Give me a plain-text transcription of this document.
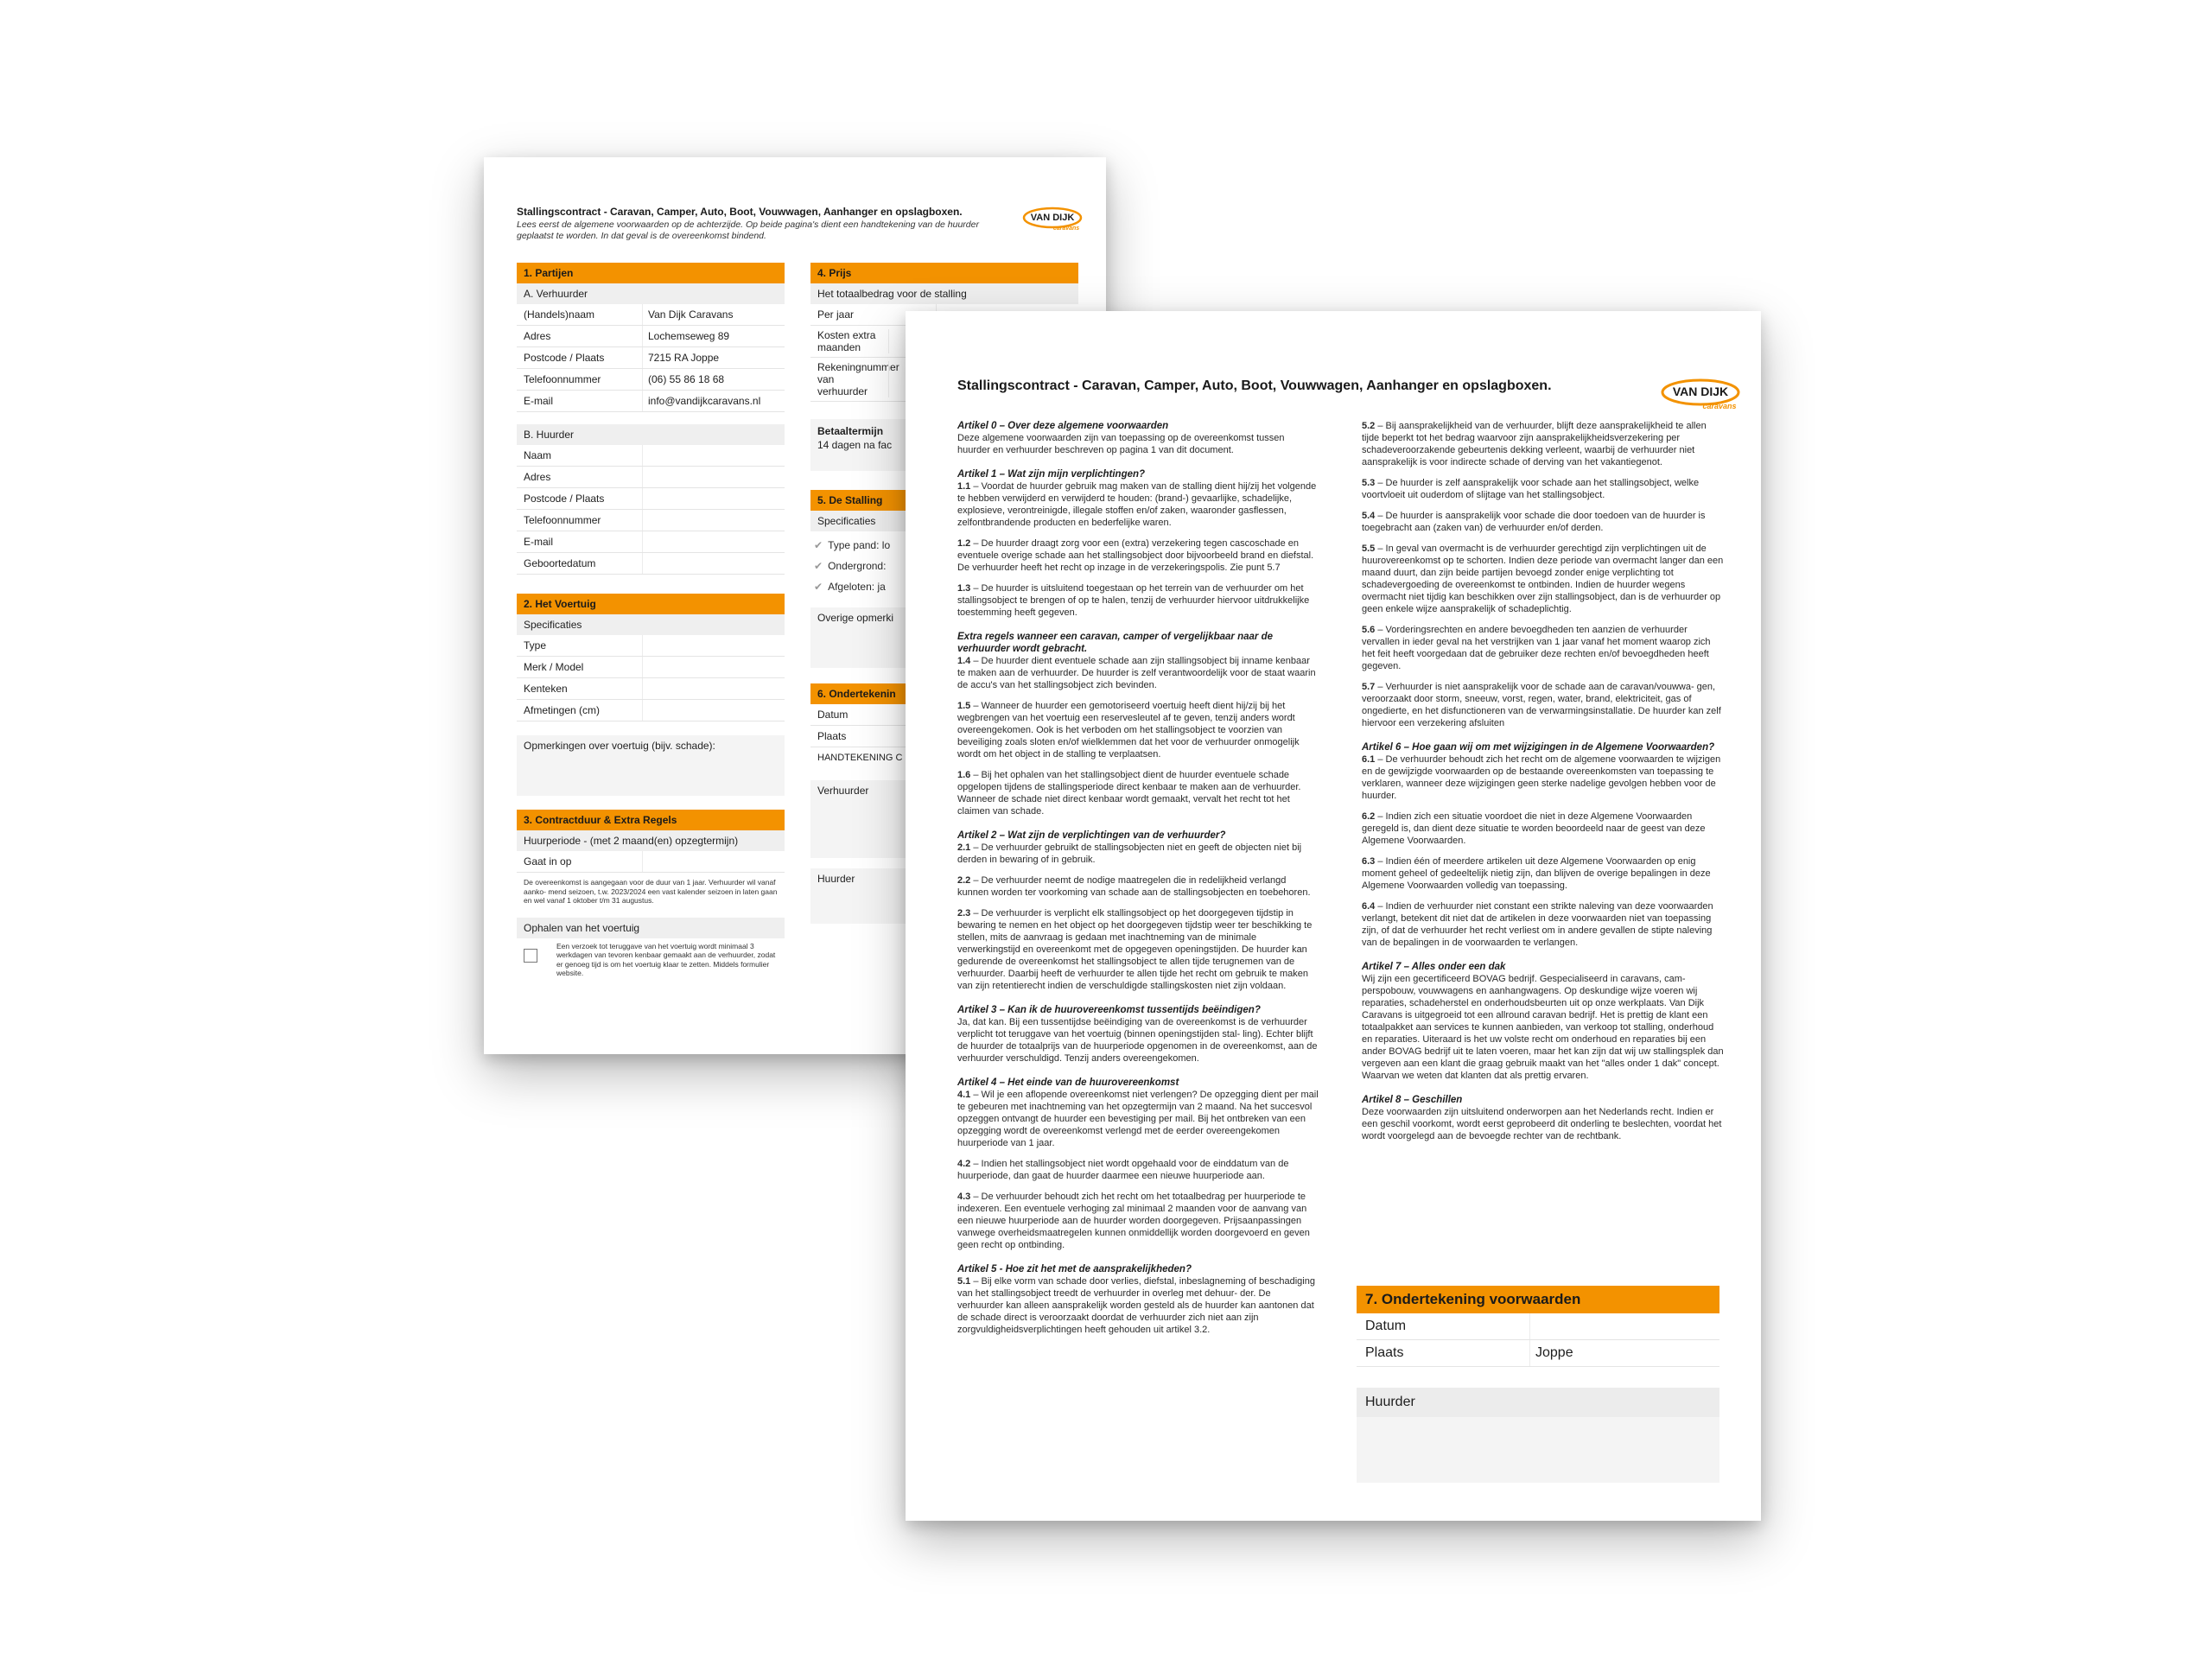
Stallingscontract - Caravan, Camper, Auto, Boot, Vouwwagen, Aanhanger en opslagboxen.
Lees eerst de algemene voorwaarden op de achterzijde. Op beide pagina's dient een handtekening van de huurder geplaatst te worden. In dat geval is de overeenkomst bindend.
VAN DIJK
caravans
1. Partijen
A. Verhuurder
(Handels)naam	Van Dijk Caravans
Adres	Lochemseweg 89
Postcode / Plaats	7215 RA Joppe
Telefoonnummer	(06) 55 86 18 68
E-mail	info@vandijkcaravans.nl
B. Huurder
Naam
Adres
Postcode / Plaats
Telefoonnummer
E-mail
Geboortedatum
2. Het Voertuig
Specificaties
Type
Merk / Model
Kenteken
Afmetingen (cm)
Opmerkingen over voertuig (bijv. schade):
3. Contractduur & Extra Regels
Huurperiode - (met 2 maand(en) opzegtermijn)
Gaat in op
De overeenkomst is aangegaan voor de duur van 1 jaar. Verhuurder wil vanaf aanko- mend seizoen, t.w. 2023/2024 een vast kalender seizoen in laten gaan en wel vanaf 1 oktober t/m 31 augustus.
Ophalen van het voertuig
Een verzoek tot teruggave van het voertuig wordt minimaal 3 werkdagen van tevoren kenbaar gemaakt aan de verhuurder, zodat er genoeg tijd is om het voertuig klaar te zetten. Middels formulier website.
4. Prijs
Het totaalbedrag voor de stalling
Per jaar
Kosten extra maanden
Rekeningnummer van verhuurder
Betaaltermijn
14 dagen na fac
5. De Stalling
Specificaties
✔ Type pand: lo
✔ Ondergrond:
✔ Afgeloten: ja
Overige opmerki
6. Ondertekenin
Datum
Plaats
HANDTEKENING C
Verhuurder
Huurder
Stallingscontract - Caravan, Camper, Auto, Boot, Vouwwagen, Aanhanger en opslagboxen.	VAN DIJK
caravans
Artikel 0 – Over deze algemene voorwaarden

Deze algemene voorwaarden zijn van toepassing op de overeenkomst tussen huurder en verhuurder beschreven op pagina 1 van dit document.

Artikel 1 – Wat zijn mijn verplichtingen?

1.1 – Voordat de huurder gebruik mag maken van de stalling dient hij/zij het volgende te hebben verwijderd en verwijderd te houden: (brand-) gevaarlijke, schadelijke, explosieve, verontreinigde, illegale stoffen en/of zaken, waaronder gasflessen, zelfontbrandende producten en bederfelijke waren.

1.2 – De huurder draagt zorg voor een (extra) verzekering tegen cascoschade en eventuele overige schade aan het stallingsobject door bijvoorbeeld brand en diefstal. De verhuurder heeft het recht op inzage in de verzekeringspolis. Zie punt 5.7

1.3 – De huurder is uitsluitend toegestaan op het terrein van de verhuurder om het stallingsobject te brengen of op te halen, tenzij de verhuurder hiervoor uitdrukkelijke toestemming heeft gegeven.

Extra regels wanneer een caravan, camper of vergelijkbaar naar de verhuurder wordt gebracht.

1.4 – De huurder dient eventuele schade aan zijn stallingsobject bij inname kenbaar te maken aan de verhuurder. De huurder is zelf verantwoordelijk voor de staat waarin de accu's van het stallingsobject zich bevinden.

1.5 – Wanneer de huurder een gemotoriseerd voertuig heeft dient hij/zij bij het wegbrengen van het voertuig een reservesleutel af te geven, tenzij anders wordt overeengekomen. Ook is het verboden om het stallingsobject te voorzien van beveiliging zoals sloten en/of wielklemmen dat het voor de verhuurder onmogelijk wordt om het object in de stalling te verplaatsen.

1.6 – Bij het ophalen van het stallingsobject dient de huurder eventuele schade opgelopen tijdens de stallingsperiode direct kenbaar te maken aan de verhuurder. Wanneer de schade niet direct kenbaar wordt gemaakt, vervalt het recht tot het claimen van schade.

Artikel 2 – Wat zijn de verplichtingen van de verhuurder?

2.1 – De verhuurder gebruikt de stallingsobjecten niet en geeft de objecten niet bij derden in bewaring of in gebruik.

2.2 – De verhuurder neemt de nodige maatregelen die in redelijkheid verlangd kunnen worden ter voorkoming van schade aan de stallingsobjecten en toebehoren.

2.3 – De verhuurder is verplicht elk stallingsobject op het doorgegeven tijdstip in bewaring te nemen en het object op het doorgegeven tijdstip weer ter beschikking te stellen, mits de aanvraag is gedaan met inachtneming van de minimale verwerkingstijd en overeenkomt met de opgegeven openingstijden. De huurder kan gedurende de overeenkomst het stallingsobject te allen tijde terugnemen van de verhuurder. Daarbij heeft de verhuurder te allen tijde het recht om gebruik te maken van zijn retentierecht indien de verschuldigde stallingskosten niet zijn voldaan.

Artikel 3 – Kan ik de huurovereenkomst tussentijds beëindigen?

Ja, dat kan. Bij een tussentijdse beëindiging van de overeenkomst is de verhuurder verplicht tot teruggave van het voertuig (binnen openingstijden stal- ling). Echter blijft de huurder de totaalprijs van de huurperiode opgenomen in de overeenkomst, aan de verhuurder verschuldigd. Tenzij anders overeengekomen.

Artikel 4 – Het einde van de huurovereenkomst

4.1 – Wil je een aflopende overeenkomst niet verlengen? De opzegging dient per mail te gebeuren met inachtneming van het opzegtermijn van 2 maand. Na het succesvol opzeggen ontvangt de huurder een bevestiging per mail. Bij het ontbreken van een opzegging wordt de overeenkomst verlengd met de eerder overeengekomen huurperiode van 1 jaar.

4.2 – Indien het stallingsobject niet wordt opgehaald voor de einddatum van de huurperiode, dan gaat de huurder daarmee een nieuwe huurperiode aan.

4.3 – De verhuurder behoudt zich het recht om het totaalbedrag per huurperiode te indexeren. Een eventuele verhoging zal minimaal 2 maanden voor de aanvang van een nieuwe huurperiode aan de huurder worden doorgegeven. Prijsaanpassingen vanwege overheidsmaatregelen kunnen onmiddellijk worden doorgevoerd en geven geen recht op ontbinding.

Artikel 5 - Hoe zit het met de aansprakelijkheden?

5.1 – Bij elke vorm van schade door verlies, diefstal, inbeslagneming of beschadiging van het stallingsobject treedt de verhuurder in overleg met dehuur- der. De verhuurder kan alleen aansprakelijk worden gesteld als de huurder kan aantonen dat de schade direct is veroorzaakt doordat de verhuurder zich niet aan zijn zorgvuldigheidsverplichtingen heeft gehouden uit artikel 3.2.

5.2 – Bij aansprakelijkheid van de verhuurder, blijft deze aansprakelijkheid te allen tijde beperkt tot het bedrag waarvoor zijn aansprakelijkheidsverzekering per schadeveroorzakende gebeurtenis dekking verleent, waarbij de verhuurder niet aansprakelijk is voor indirecte schade of derving van het vakantiegenot.

5.3 – De huurder is zelf aansprakelijk voor schade aan het stallingsobject, welke voortvloeit uit ouderdom of slijtage van het stallingsobject.

5.4 – De huurder is aansprakelijk voor schade die door toedoen van de huurder is toegebracht aan (zaken van) de verhuurder en/of derden.

5.5 – In geval van overmacht is de verhuurder gerechtigd zijn verplichtingen uit de huurovereenkomst op te schorten. Indien deze periode van overmacht langer dan een maand duurt, dan zijn beide partijen bevoegd zonder enige verplichting tot schadevergoeding de overeenkomst te ontbinden. Indien de huurder wegens overmacht niet tijdig kan beschikken over zijn stallingsobject, dan is de verhuurder op geen enkele wijze aansprakelijk of schadeplichtig.

5.6 – Vorderingsrechten en andere bevoegdheden ten aanzien de verhuurder vervallen in ieder geval na het verstrijken van 1 jaar vanaf het moment waarop zich het feit heeft voorgedaan dat de gebruiker deze rechten en/of bevoegdheden heeft gegeven.

5.7 – Verhuurder is niet aansprakelijk voor de schade aan de caravan/vouwwa- gen, veroorzaakt door storm, sneeuw, vorst, regen, water, brand, elektriciteit, gas of ongedierte, en het disfunctioneren van de verwarmingsinstallatie. De huurder kan zelf hiervoor een verzekering afsluiten

Artikel 6 – Hoe gaan wij om met wijzigingen in de Algemene Voorwaarden?

6.1 – De verhuurder behoudt zich het recht om de algemene voorwaarden te wijzigen en de gewijzigde voorwaarden op de bestaande overeenkomsten van toepassing te verklaren, wanneer deze wijzigingen geen sterke nadelige gevolgen hebben voor de huurder.

6.2 – Indien zich een situatie voordoet die niet in deze Algemene Voorwaarden geregeld is, dan dient deze situatie te worden beoordeeld naar de geest van deze Algemene Voorwaarden.

6.3 – Indien één of meerdere artikelen uit deze Algemene Voorwaarden op enig moment geheel of gedeeltelijk nietig zijn, dan blijven de overige bepalingen in deze Algemene Voorwaarden volledig van toepassing.

6.4 – Indien de verhuurder niet constant een strikte naleving van deze voorwaarden verlangt, betekent dit niet dat de artikelen in deze voorwaarden niet van toepassing zijn, of dat de verhuurder het recht verliest om in andere gevallen de stipte naleving van de bepalingen in de voorwaarden te verlangen.

Artikel 7 – Alles onder een dak

Wij zijn een gecertificeerd BOVAG bedrijf. Gespecialiseerd in caravans, cam- perspobouw, vouwwagens en aanhangwagens. Op deskundige wijze voeren wij reparaties, schadeherstel en onderhoudsbeurten uit op onze werkplaats. Van Dijk Caravans is uitgegroeid tot een allround caravan bedrijf. Het is prettig de klant een totaalpakket aan services te kunnen aanbieden, van verkoop tot stalling, onderhoud en reparaties. Uiteraard is het uw volste recht om onderhoud en reparaties bij een ander BOVAG bedrijf uit te laten voeren, maar het kan zijn dat wij uw stallingsplek dan vergeven aan een klant die graag gebruik maakt van het "alles onder 1 dak" concept. Waarvan we weten dat klanten dat als prettig ervaren.

Artikel 8 – Geschillen

Deze voorwaarden zijn uitsluitend onderworpen aan het Nederlands recht. Indien er een geschil voorkomt, wordt eerst geprobeerd dit onderling te beslechten, voordat het wordt voorgelegd aan de bevoegde rechter van de rechtbank.

7. Ondertekening voorwaarden
Datum
Plaats	Joppe
Huurder
